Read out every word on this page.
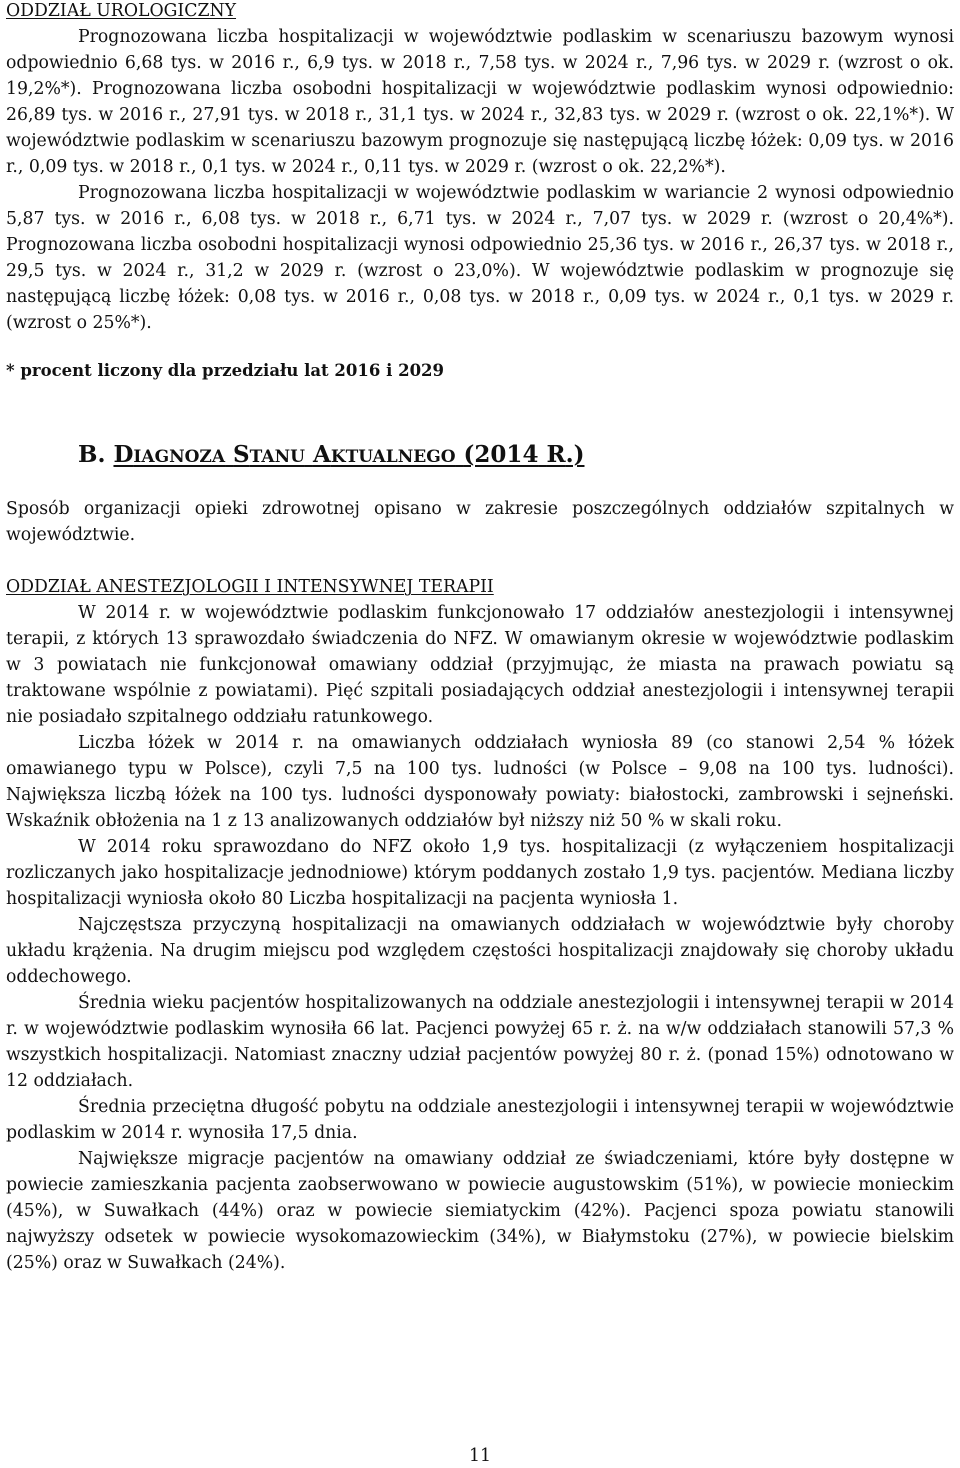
ODDZIAŁ UROLOGICZNY

Prognozowana liczba hospitalizacji w województwie podlaskim w scenariuszu bazowym wynosi odpowiednio 6,68 tys. w 2016 r., 6,9 tys. w 2018 r., 7,58 tys. w 2024 r., 7,96 tys. w 2029 r. (wzrost o ok. 19,2%*). Prognozowana liczba osobodni hospitalizacji w województwie podlaskim wynosi odpowiednio: 26,89 tys. w 2016 r., 27,91 tys. w 2018 r., 31,1 tys. w 2024 r., 32,83 tys. w 2029 r. (wzrost o ok. 22,1%*). W województwie podlaskim w scenariuszu bazowym prognozuje się następującą liczbę łóżek: 0,09 tys. w 2016 r., 0,09 tys. w 2018 r., 0,1 tys. w 2024 r., 0,11 tys. w 2029 r. (wzrost o ok. 22,2%*).

Prognozowana liczba hospitalizacji w województwie podlaskim w wariancie 2 wynosi odpowiednio 5,87 tys. w 2016 r., 6,08 tys. w 2018 r., 6,71 tys. w 2024 r., 7,07 tys. w 2029 r. (wzrost o 20,4%*). Prognozowana liczba osobodni hospitalizacji wynosi odpowiednio 25,36 tys. w 2016 r., 26,37 tys. w 2018 r., 29,5 tys. w 2024 r., 31,2 w 2029 r. (wzrost o 23,0%). W województwie podlaskim w prognozuje się następującą liczbę łóżek: 0,08 tys. w 2016 r., 0,08 tys. w 2018 r., 0,09 tys. w 2024 r., 0,1 tys. w 2029 r. (wzrost o 25%*).

* procent liczony dla przedziału lat 2016 i 2029

B. DIAGNOZA STANU AKTUALNEGO (2014 R.)

Sposób organizacji opieki zdrowotnej opisano w zakresie poszczególnych oddziałów szpitalnych w województwie.

ODDZIAŁ ANESTEZJOLOGII I INTENSYWNEJ TERAPII

W 2014 r. w województwie podlaskim funkcjonowało 17 oddziałów anestezjologii i intensywnej terapii, z których 13 sprawozdało świadczenia do NFZ. W omawianym okresie w województwie podlaskim w 3 powiatach nie funkcjonował omawiany oddział (przyjmując, że miasta na prawach powiatu są traktowane wspólnie z powiatami). Pięć szpitali posiadających oddział anestezjologii i intensywnej terapii nie posiadało szpitalnego oddziału ratunkowego.

Liczba łóżek w 2014 r. na omawianych oddziałach wyniosła 89 (co stanowi 2,54 % łóżek omawianego typu w Polsce), czyli 7,5 na 100 tys. ludności (w Polsce – 9,08 na 100 tys. ludności). Największa liczbą łóżek na 100 tys. ludności dysponowały powiaty: białostocki, zambrowski i sejneński. Wskaźnik obłożenia na 1 z 13 analizowanych oddziałów był niższy niż 50 % w skali roku.

W 2014 roku sprawozdano do NFZ około 1,9 tys. hospitalizacji (z wyłączeniem hospitalizacji rozliczanych jako hospitalizacje jednodniowe) którym poddanych zostało 1,9 tys. pacjentów. Mediana liczby hospitalizacji wyniosła około 80 Liczba hospitalizacji na pacjenta wyniosła 1.

Najczęstsza przyczyną hospitalizacji na omawianych oddziałach w województwie były choroby układu krążenia. Na drugim miejscu pod względem częstości hospitalizacji znajdowały się choroby układu oddechowego.

Średnia wieku pacjentów hospitalizowanych na oddziale anestezjologii i intensywnej terapii w 2014 r. w województwie podlaskim wynosiła 66 lat. Pacjenci powyżej 65 r. ż. na w/w oddziałach stanowili 57,3 % wszystkich hospitalizacji. Natomiast znaczny udział pacjentów powyżej 80 r. ż. (ponad 15%) odnotowano w 12 oddziałach.

Średnia przeciętna długość pobytu na oddziale anestezjologii i intensywnej terapii w województwie podlaskim w 2014 r. wynosiła 17,5 dnia.

Największe migracje pacjentów na omawiany oddział ze świadczeniami, które były dostępne w powiecie zamieszkania pacjenta zaobserwowano w powiecie augustowskim (51%), w powiecie monieckim (45%), w Suwałkach (44%) oraz w powiecie siemiatyckim (42%). Pacjenci spoza powiatu stanowili najwyższy odsetek w powiecie wysokomazowieckim (34%), w Białymstoku (27%), w powiecie bielskim (25%) oraz w Suwałkach (24%).

11
